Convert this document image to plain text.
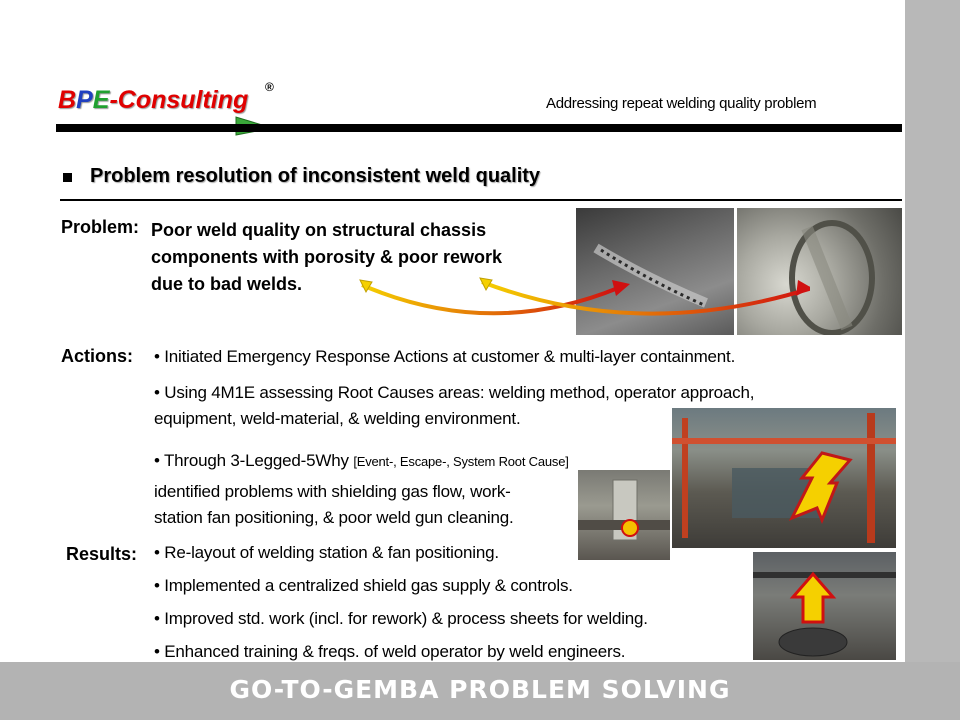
BPE-Consulting ®
Addressing repeat welding quality problem
Problem resolution of inconsistent weld quality
Problem: Poor weld quality on structural chassis
components with porosity & poor rework
due to bad welds.
Actions: • Initiated Emergency Response Actions at customer & multi-layer containment.
• Using 4M1E assessing Root Causes areas: welding method, operator approach,
equipment, weld-material, & welding environment.
• Through 3-Legged-5Why [Event-, Escape-, System Root Cause]
identified problems with shielding gas flow, work-
station fan positioning, & poor weld gun cleaning.
Results: • Re-layout of welding station & fan positioning.
• Implemented a centralized shield gas supply & controls.
• Improved std. work (incl. for rework) & process sheets for welding.
• Enhanced training & freqs. of weld operator by weld engineers.
GO-TO-GEMBA PROBLEM SOLVING
